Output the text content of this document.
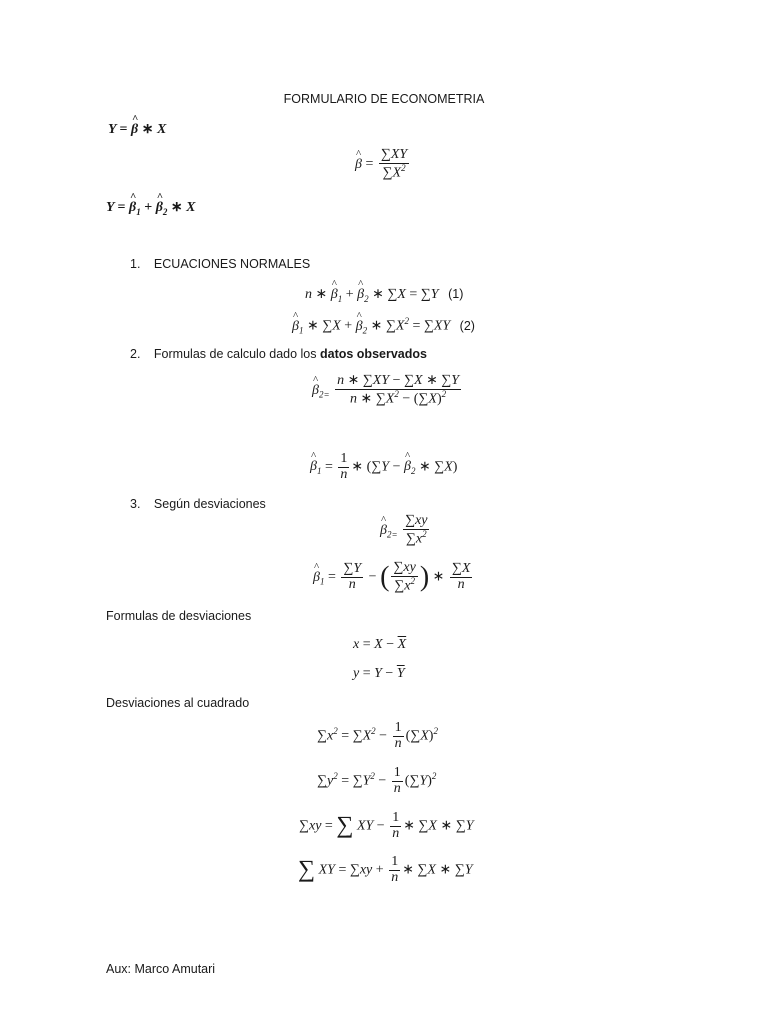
FORMULARIO DE ECONOMETRIA
Y = ^ β ∗ X
^ $\beta = \frac{\sum XY}{\sum X^2}$
Y = ^ $\beta_1$ + ^ $\beta_2$ ∗ X
1. ECUACIONES NORMALES
n ∗ ^ $\beta_1$ + ^ $\beta_2$ ∗ ∑X = ∑Y (1)
^ $\beta_1$ ∗ ∑X + ^ $\beta_2$ ∗ $\sum X^2 = \sum XY$ (2)
2. Formulas de calculo dado los datos observados
^ $\beta_{2=} \frac{n ∗ \sum XY - \sum X ∗ \sum Y}{n ∗ \sum X^2 - (\sum X)^2}$
^ $\beta_1 = \frac{1}{n}$ ∗ (∑Y − ^ $\beta_2$ ∗ ∑X)
3. Según desviaciones
^ $\beta_{2=} \frac{\sum xy}{\sum x^2}$
^ $\beta_1 = \frac{\sum Y}{n}$ − ( $\frac{\sum xy}{\sum x^2}$ ) ∗ $\frac{\sum X}{n}$
Formulas de desviaciones
$x = X - \overline{X}$
$y = Y - \overline{Y}$
Desviaciones al cuadrado
$\sum x^2 = \sum X^2 - \frac{1}{n} (\sum X)^2$
$\sum y^2 = \sum Y^2 - \frac{1}{n} (\sum Y)^2$
∑xy = ∑ XY − $\frac{1}{n}$ ∗ ∑X ∗ ∑Y
∑ XY = $\sum xy + \frac{1}{n}$ ∗ ∑X ∗ ∑Y
Aux: Marco Amutari
